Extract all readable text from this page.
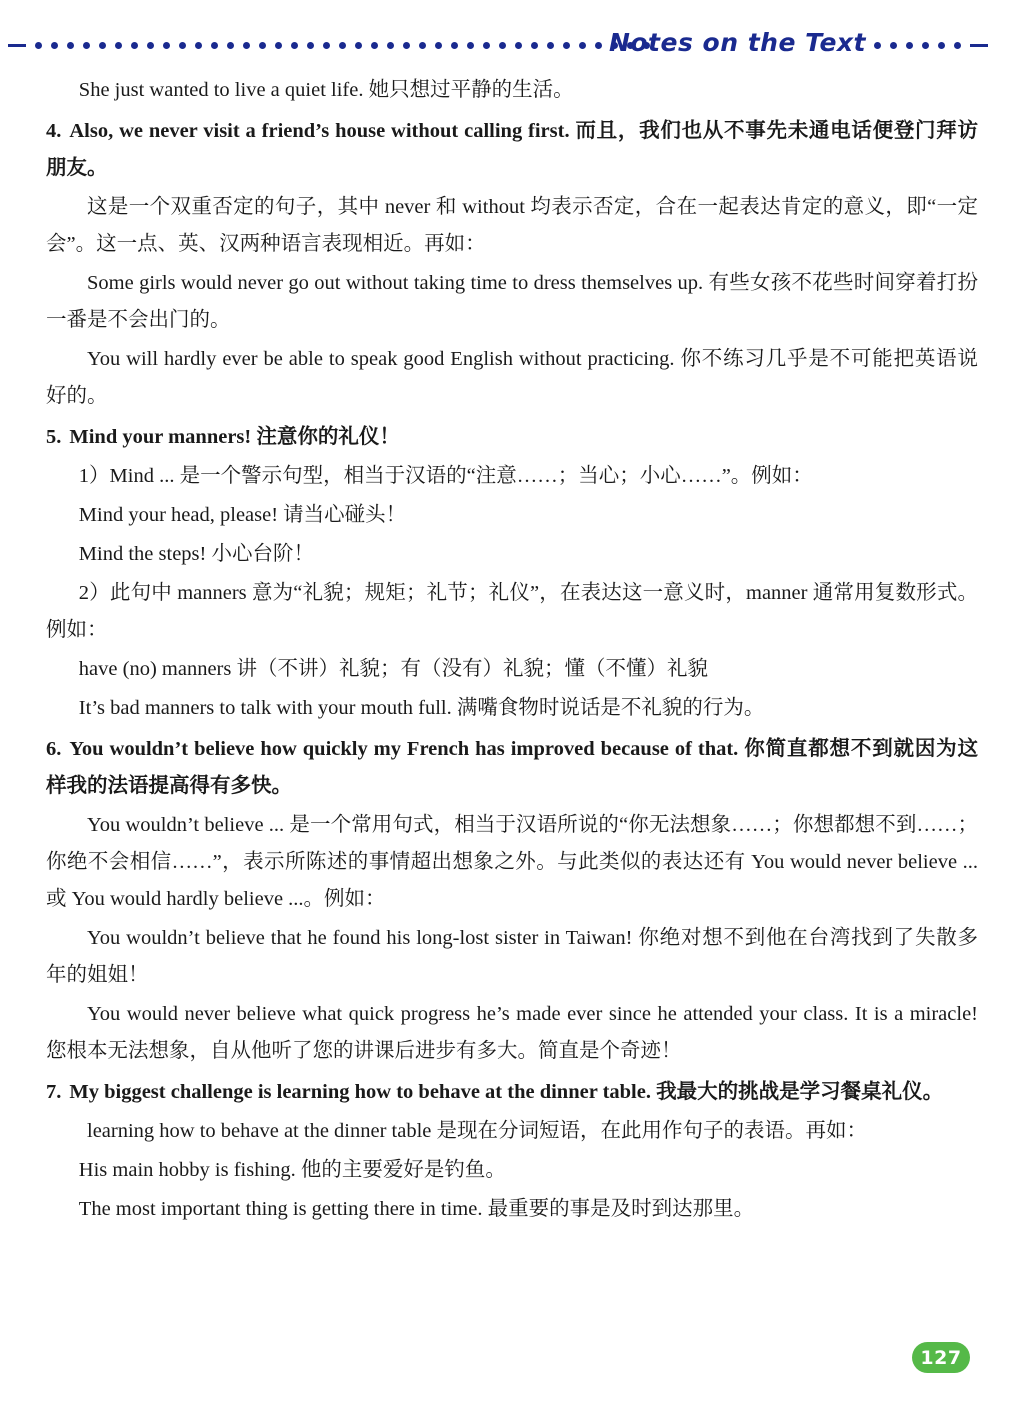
Notes on the Text

She just wanted to live a quiet life. 她只想过平静的生活。

4. Also, we never visit a friend’s house without calling first. 而且，我们也从不事先未通电话便登门拜访朋友。

这是一个双重否定的句子，其中 never 和 without 均表示否定，合在一起表达肯定的意义，即“一定会”。这一点、英、汉两种语言表现相近。再如：

Some girls would never go out without taking time to dress themselves up. 有些女孩不花些时间穿着打扮一番是不会出门的。

You will hardly ever be able to speak good English without practicing. 你不练习几乎是不可能把英语说好的。

5. Mind your manners! 注意你的礼仪！

1）Mind ... 是一个警示句型，相当于汉语的“注意……；当心；小心……”。例如：

Mind your head, please! 请当心碰头！

Mind the steps! 小心台阶！

2）此句中 manners 意为“礼貌；规矩；礼节；礼仪”，在表达这一意义时，manner 通常用复数形式。例如：

have (no) manners 讲（不讲）礼貌；有（没有）礼貌；懂（不懂）礼貌

It’s bad manners to talk with your mouth full. 满嘴食物时说话是不礼貌的行为。

6. You wouldn’t believe how quickly my French has improved because of that. 你简直都想不到就因为这样我的法语提高得有多快。

You wouldn’t believe ... 是一个常用句式，相当于汉语所说的“你无法想象……；你想都想不到……；你绝不会相信……”，表示所陈述的事情超出想象之外。与此类似的表达还有 You would never believe ... 或 You would hardly believe ...。例如：

You wouldn’t believe that he found his long-lost sister in Taiwan! 你绝对想不到他在台湾找到了失散多年的姐姐！

You would never believe what quick progress he’s made ever since he attended your class. It is a miracle! 您根本无法想象，自从他听了您的讲课后进步有多大。简直是个奇迹！

7. My biggest challenge is learning how to behave at the dinner table. 我最大的挑战是学习餐桌礼仪。

learning how to behave at the dinner table 是现在分词短语，在此用作句子的表语。再如：

His main hobby is fishing. 他的主要爱好是钓鱼。

The most important thing is getting there in time. 最重要的事是及时到达那里。

127
